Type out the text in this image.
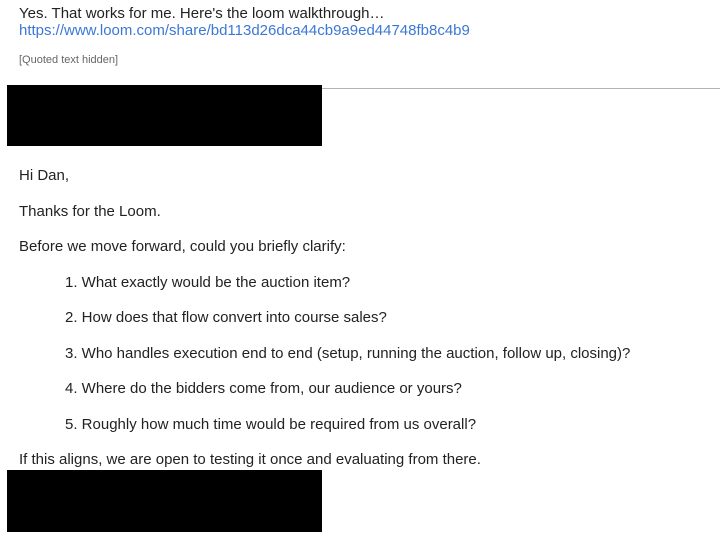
Yes. That works for me. Here's the loom walkthrough…
https://www.loom.com/share/bd113d26dca44cb9a9ed44748fb8c4b9
[Quoted text hidden]
Hi Dan,
Thanks for the Loom.
Before we move forward, could you briefly clarify:
1. What exactly would be the auction item?
2. How does that flow convert into course sales?
3. Who handles execution end to end (setup, running the auction, follow up, closing)?
4. Where do the bidders come from, our audience or yours?
5. Roughly how much time would be required from us overall?
If this aligns, we are open to testing it once and evaluating from there.
